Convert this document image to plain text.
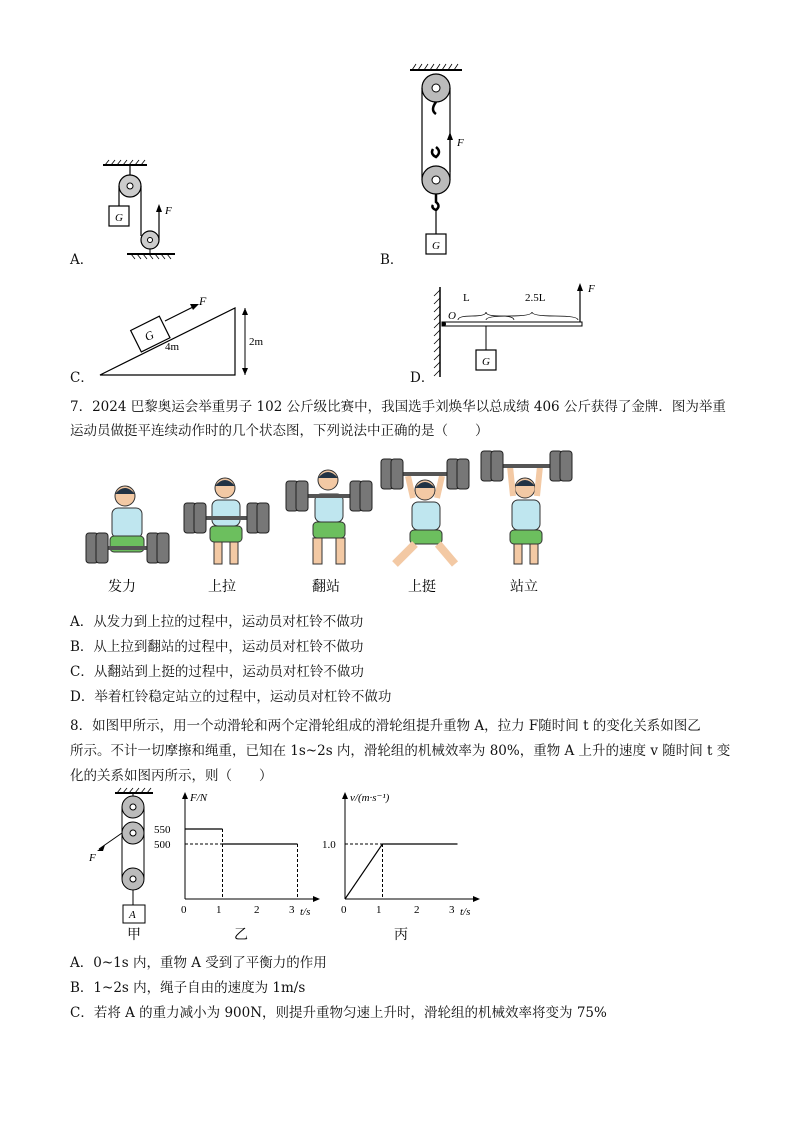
G
F
A．
G
F
B．
G
F
4m	2m
C．
O
L	2.5L
G
F
D．
7．2024 巴黎奥运会举重男子 102 公斤级比赛中，我国选手刘焕华以总成绩 406 公斤获得了金牌．图为举重
运动员做挺平连续动作时的几个状态图，下列说法中正确的是（　　）
发力	上拉	翻站	上挺	站立
A．从发力到上拉的过程中，运动员对杠铃不做功
B．从上拉到翻站的过程中，运动员对杠铃不做功
C．从翻站到上挺的过程中，运动员对杠铃不做功
D．举着杠铃稳定站立的过程中，运动员对杠铃不做功
8．如图甲所示，用一个动滑轮和两个定滑轮组成的滑轮组提升重物 A，拉力 F随时间 t 的变化关系如图乙
所示。不计一切摩擦和绳重，已知在 1s~2s 内，滑轮组的机械效率为 80%，重物 A 上升的速度 v 随时间 t 变
化的关系如图丙所示，则（　　）
F
A
甲
F/N
t/s
550
500
0	1	2	3
乙
v/(m·s⁻¹)
t/s
1.0
0	1	2	3
丙
A．0~1s 内，重物 A 受到了平衡力的作用
B．1~2s 内，绳子自由的速度为 1m/s
C．若将 A 的重力减小为 900N，则提升重物匀速上升时，滑轮组的机械效率将变为 75%
